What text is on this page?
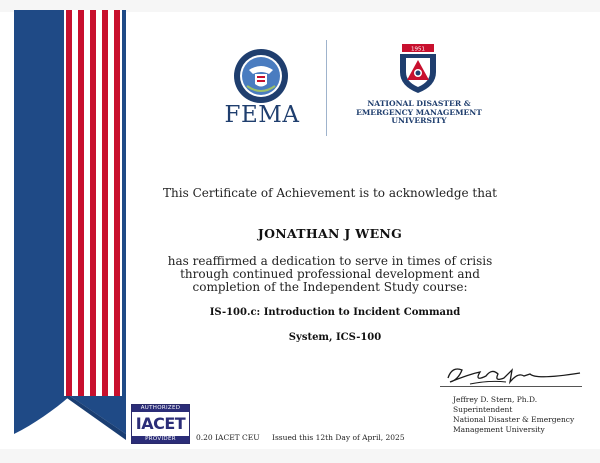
FEMA
1951
NATIONAL DISASTER &
EMERGENCY MANAGEMENT
UNIVERSITY
This Certificate of Achievement is to acknowledge that
JONATHAN J WENG
has reaffirmed a dedication to serve in times of crisis
through continued professional development and
completion of the Independent Study course:
IS-100.c: Introduction to Incident Command
System, ICS-100
Jeffrey D. Stern, Ph.D.
Superintendent
National Disaster & Emergency
Management University
AUTHORIZED
IACET
PROVIDER	0.20 IACET CEU Issued this 12th Day of April, 2025
